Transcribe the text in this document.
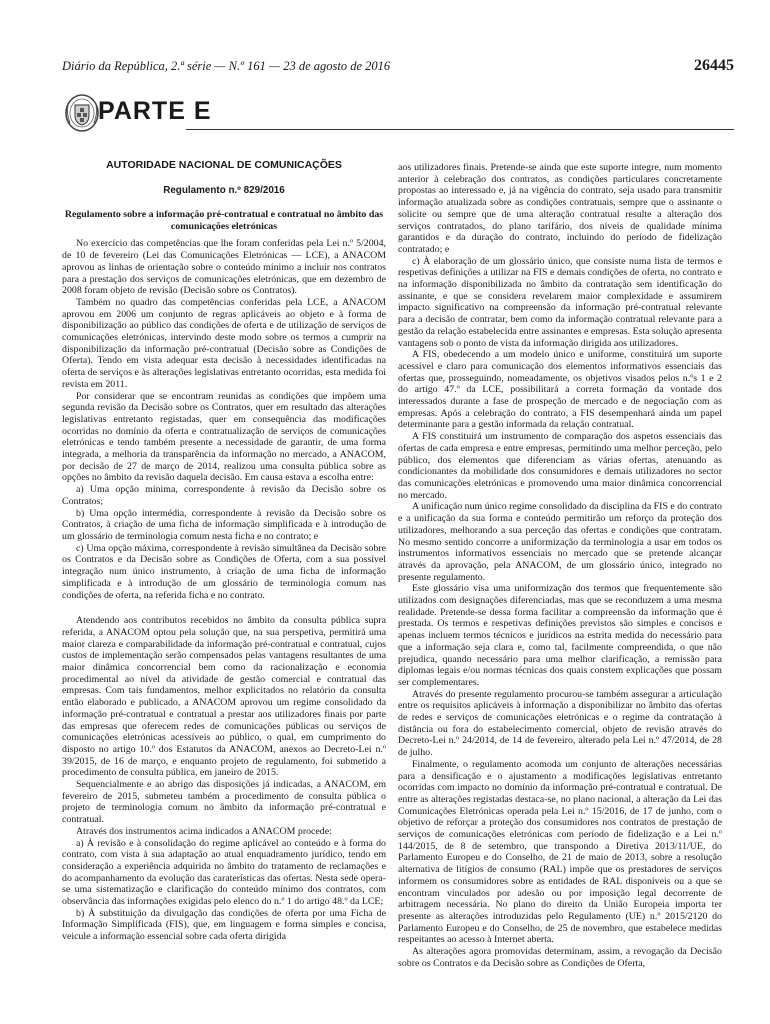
Diário da República, 2.ª série — N.º 161 — 23 de agosto de 2016	26445
PARTE E
AUTORIDADE NACIONAL DE COMUNICAÇÕES
Regulamento n.º 829/2016
Regulamento sobre a informação pré-contratual e contratual no âmbito das comunicações eletrónicas

No exercício das competências que lhe foram conferidas pela Lei n.º 5/2004, de 10 de fevereiro (Lei das Comunicações Eletrónicas — LCE), a ANACOM aprovou as linhas de orientação sobre o conteúdo mínimo a incluir nos contratos para a prestação dos serviços de comunicações eletrónicas, que em dezembro de 2008 foram objeto de revisão (Decisão sobre os Contratos).

Também no quadro das competências conferidas pela LCE, a ANACOM aprovou em 2006 um conjunto de regras aplicáveis ao objeto e à forma de disponibilização ao público das condições de oferta e de utilização de serviços de comunicações eletrónicas, intervindo deste modo sobre os termos a cumprir na disponibilização da informação pré-contratual (Decisão sobre as Condições de Oferta). Tendo em vista adequar esta decisão à necessidades identificadas na oferta de serviços e às alterações legislativas entretanto ocorridas, esta medida foi revista em 2011.

Por considerar que se encontram reunidas as condições que impõem uma segunda revisão da Decisão sobre os Contratos, quer em resultado das alterações legislativas entretanto registadas, quer em consequência das modificações ocorridas no domínio da oferta e contratualização de serviços de comunicações eletrónicas e tendo também presente a necessidade de garantir, de uma forma integrada, a melhoria da transparência da informação no mercado, a ANACOM, por decisão de 27 de março de 2014, realizou uma consulta pública sobre as opções no âmbito da revisão daquela decisão. Em causa estava a escolha entre:

a) Uma opção mínima, correspondente à revisão da Decisão sobre os Contratos;

b) Uma opção intermédia, correspondente à revisão da Decisão sobre os Contratos, à criação de uma ficha de informação simplificada e à introdução de um glossário de terminologia comum nesta ficha e no contrato; e

c) Uma opção máxima, correspondente à revisão simultânea da Decisão sobre os Contratos e da Decisão sobre as Condições de Oferta, com a sua possível integração num único instrumento, à criação de uma ficha de informação simplificada e à introdução de um glossário de terminologia comum nas condições de oferta, na referida ficha e no contrato.

Atendendo aos contributos recebidos no âmbito da consulta pública supra referida, a ANACOM optou pela solução que, na sua perspetiva, permitirá uma maior clareza e comparabilidade da informação pré-contratual e contratual, cujos custos de implementação serão compensados pelas vantagens resultantes de uma maior dinâmica concorrencial bem como da racionalização e economia procedimental ao nível da atividade de gestão comercial e contratual das empresas. Com tais fundamentos, melhor explicitados no relatório da consulta então elaborado e publicado, a ANACOM aprovou um regime consolidado da informação pré-contratual e contratual a prestar aos utilizadores finais por parte das empresas que oferecem redes de comunicações públicas ou serviços de comunicações eletrónicas acessíveis ao público, o qual, em cumprimento do disposto no artigo 10.º dos Estatutos da ANACOM, anexos ao Decreto-Lei n.º 39/2015, de 16 de março, e enquanto projeto de regulamento, foi submetido a procedimento de consulta pública, em janeiro de 2015.

Sequencialmente e ao abrigo das disposições já indicadas, a ANACOM, em fevereiro de 2015, submeteu também a procedimento de consulta pública o projeto de terminologia comum no âmbito da informação pré-contratual e contratual.

Através dos instrumentos acima indicados a ANACOM procede:

a) À revisão e à consolidação do regime aplicável ao conteúdo e à forma do contrato, com vista à sua adaptação ao atual enquadramento jurídico, tendo em consideração a experiência adquirida no âmbito do tratamento de reclamações e do acompanhamento da evolução das caraterísticas das ofertas. Nesta sede opera-se uma sistematização e clarificação do conteúdo mínimo dos contratos, com observância das informações exigidas pelo elenco do n.º 1 do artigo 48.º da LCE;

b) À substituição da divulgação das condições de oferta por uma Ficha de Informação Simplificada (FIS), que, em linguagem e forma simples e concisa, veicule a informação essencial sobre cada oferta dirigida

aos utilizadores finais. Pretende-se ainda que este suporte integre, num momento anterior à celebração dos contratos, as condições particulares concretamente propostas ao interessado e, já na vigência do contrato, seja usado para transmitir informação atualizada sobre as condições contratuais, sempre que o assinante o solicite ou sempre que de uma alteração contratual resulte a alteração dos serviços contratados, do plano tarifário, dos níveis de qualidade mínima garantidos e da duração do contrato, incluindo do período de fidelização contratado; e

c) À elaboração de um glossário único, que consiste numa lista de termos e respetivas definições a utilizar na FIS e demais condições de oferta, no contrato e na informação disponibilizada no âmbito da contratação sem identificação do assinante, e que se considera revelarem maior complexidade e assumirem impacto significativo na compreensão da informação pré-contratual relevante para a decisão de contratar, bem como da informação contratual relevante para a gestão da relação estabelecida entre assinantes e empresas. Esta solução apresenta vantagens sob o ponto de vista da informação dirigida aos utilizadores.

A FIS, obedecendo a um modelo único e uniforme, constituirá um suporte acessível e claro para comunicação dos elementos informativos essenciais das ofertas que, prosseguindo, nomeadamente, os objetivos visados pelos n.ºs 1 e 2 do artigo 47.º da LCE, possibilitará a correta formação da vontade dos interessados durante a fase de prospeção de mercado e de negociação com as empresas. Após a celebração do contrato, a FIS desempenhará ainda um papel determinante para a gestão informada da relação contratual.

A FIS constituirá um instrumento de comparação dos aspetos essenciais das ofertas de cada empresa e entre empresas, permitindo uma melhor perceção, pelo público, dos elementos que diferenciam as várias ofertas, atenuando as condicionantes da mobilidade dos consumidores e demais utilizadores no sector das comunicações eletrónicas e promovendo uma maior dinâmica concorrencial no mercado.

A unificação num único regime consolidado da disciplina da FIS e do contrato e a unificação da sua forma e conteúdo permitirão um reforço da proteção dos utilizadores, melhorando a sua perceção das ofertas e condições que contratam. No mesmo sentido concorre a uniformização da terminologia a usar em todos os instrumentos informativos essenciais no mercado que se pretende alcançar através da aprovação, pela ANACOM, de um glossário único, integrado no presente regulamento.

Este glossário visa uma uniformização dos termos que frequentemente são utilizados com designações diferenciadas, mas que se reconduzem a uma mesma realidade. Pretende-se dessa forma facilitar a compreensão da informação que é prestada. Os termos e respetivas definições previstos são simples e concisos e apenas incluem termos técnicos e jurídicos na estrita medida do necessário para que a informação seja clara e, como tal, facilmente compreendida, o que não prejudica, quando necessário para uma melhor clarificação, a remissão para diplomas legais e/ou normas técnicas dos quais constem explicações que possam ser complementares.

Através do presente regulamento procurou-se também assegurar a articulação entre os requisitos aplicáveis à informação a disponibilizar no âmbito das ofertas de redes e serviços de comunicações eletrónicas e o regime da contratação à distância ou fora do estabelecimento comercial, objeto de revisão através do Decreto-Lei n.º 24/2014, de 14 de fevereiro, alterado pela Lei n.º 47/2014, de 28 de julho.

Finalmente, o regulamento acomoda um conjunto de alterações necessárias para a densificação e o ajustamento a modificações legislativas entretanto ocorridas com impacto no domínio da informação pré-contratual e contratual. De entre as alterações registadas destaca-se, no plano nacional, a alteração da Lei das Comunicações Eletrónicas operada pela Lei n.º 15/2016, de 17 de junho, com o objetivo de reforçar a proteção dos consumidores nos contratos de prestação de serviços de comunicações eletrónicas com período de fidelização e a Lei n.º 144/2015, de 8 de setembro, que transpondo a Diretiva 2013/11/UE, do Parlamento Europeu e do Conselho, de 21 de maio de 2013, sobre a resolução alternativa de litígios de consumo (RAL) impõe que os prestadores de serviços informem os consumidores sobre as entidades de RAL disponíveis ou a que se encontram vinculados por adesão ou por imposição legal decorrente de arbitragem necessária. No plano do direito da União Europeia importa ter presente as alterações introduzidas pelo Regulamento (UE) n.º 2015/2120 do Parlamento Europeu e do Conselho, de 25 de novembro, que estabelece medidas respeitantes ao acesso à Internet aberta.

As alterações agora promovidas determinam, assim, a revogação da Decisão sobre os Contratos e da Decisão sobre as Condições de Oferta,
